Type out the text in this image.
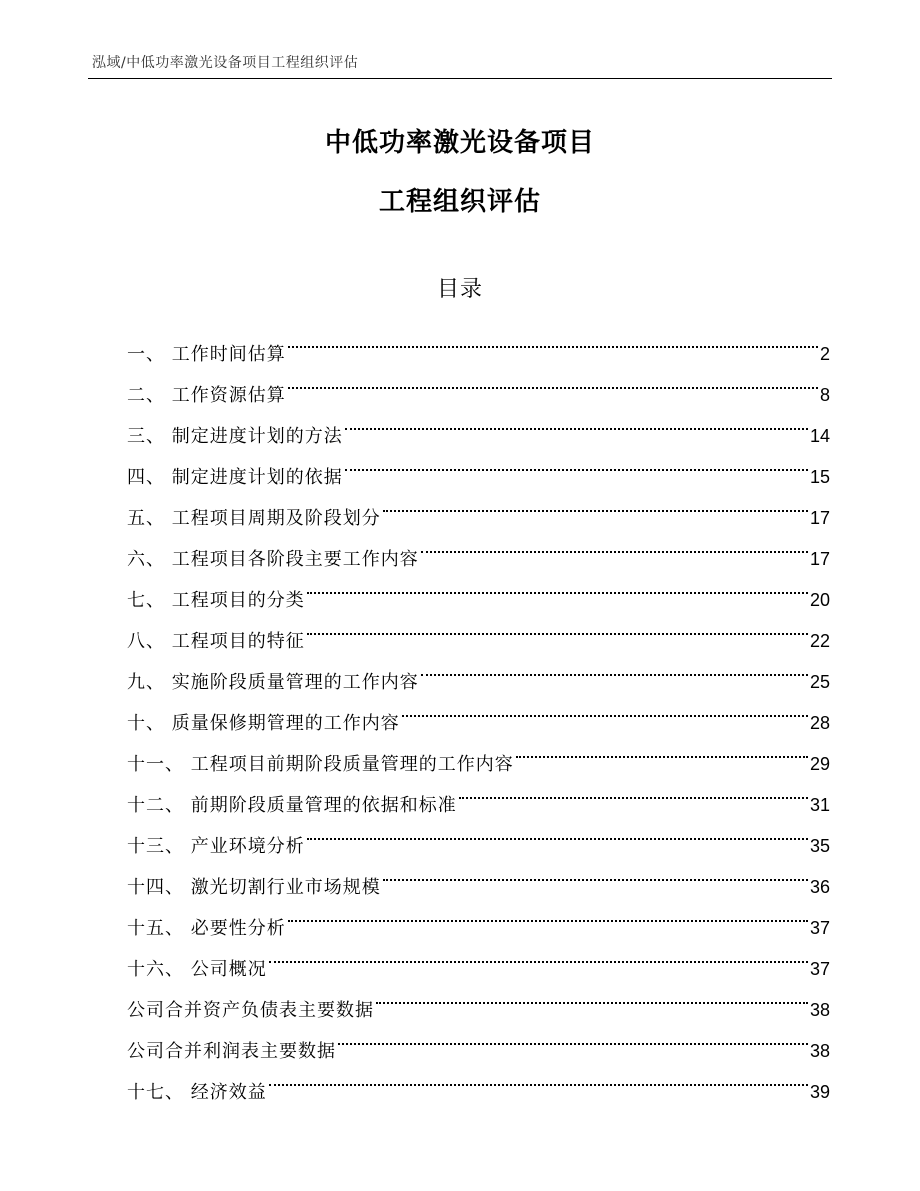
泓域/中低功率激光设备项目工程组织评估
中低功率激光设备项目
工程组织评估
目录
一、 工作时间估算	2
二、 工作资源估算	8
三、 制定进度计划的方法	14
四、 制定进度计划的依据	15
五、 工程项目周期及阶段划分	17
六、 工程项目各阶段主要工作内容	17
七、 工程项目的分类	20
八、 工程项目的特征	22
九、 实施阶段质量管理的工作内容	25
十、 质量保修期管理的工作内容	28
十一、 工程项目前期阶段质量管理的工作内容	29
十二、 前期阶段质量管理的依据和标准	31
十三、 产业环境分析	35
十四、 激光切割行业市场规模	36
十五、 必要性分析	37
十六、 公司概况	37
公司合并资产负债表主要数据	38
公司合并利润表主要数据	38
十七、 经济效益	39
